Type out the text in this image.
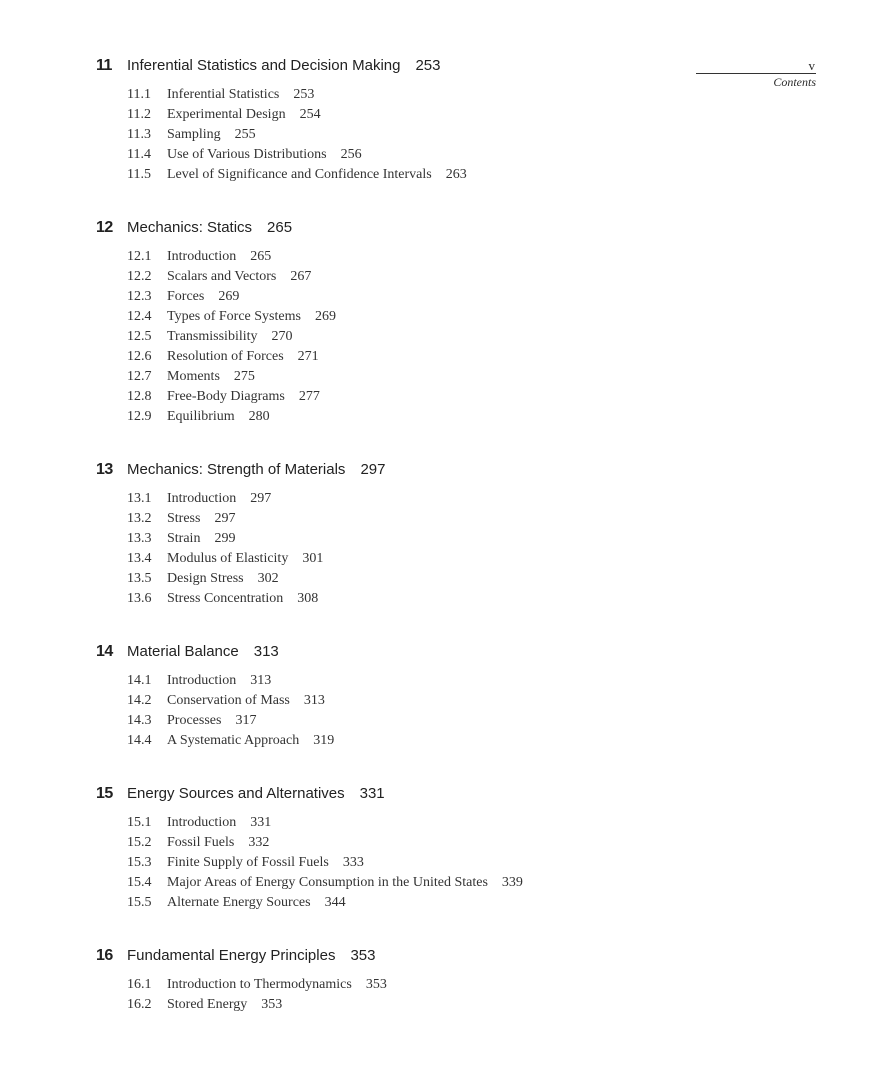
v
Contents
11	Inferential Statistics and Decision Making 253
11.1	Inferential Statistics 253
11.2	Experimental Design 254
11.3	Sampling 255
11.4	Use of Various Distributions 256
11.5	Level of Significance and Confidence Intervals 263
12 Mechanics: Statics 265
12.1	Introduction 265
12.2	Scalars and Vectors 267
12.3	Forces 269
12.4	Types of Force Systems 269
12.5	Transmissibility 270
12.6	Resolution of Forces 271
12.7	Moments 275
12.8	Free-Body Diagrams 277
12.9	Equilibrium 280
13 Mechanics: Strength of Materials 297
13.1	Introduction 297
13.2	Stress 297
13.3	Strain 299
13.4	Modulus of Elasticity 301
13.5	Design Stress 302
13.6	Stress Concentration 308
14 Material Balance 313
14.1	Introduction 313
14.2	Conservation of Mass 313
14.3	Processes 317
14.4	A Systematic Approach 319
15 Energy Sources and Alternatives 331
15.1	Introduction 331
15.2	Fossil Fuels 332
15.3	Finite Supply of Fossil Fuels 333
15.4	Major Areas of Energy Consumption in the United States 339
15.5	Alternate Energy Sources 344
16 Fundamental Energy Principles 353
16.1	Introduction to Thermodynamics 353
16.2	Stored Energy 353
